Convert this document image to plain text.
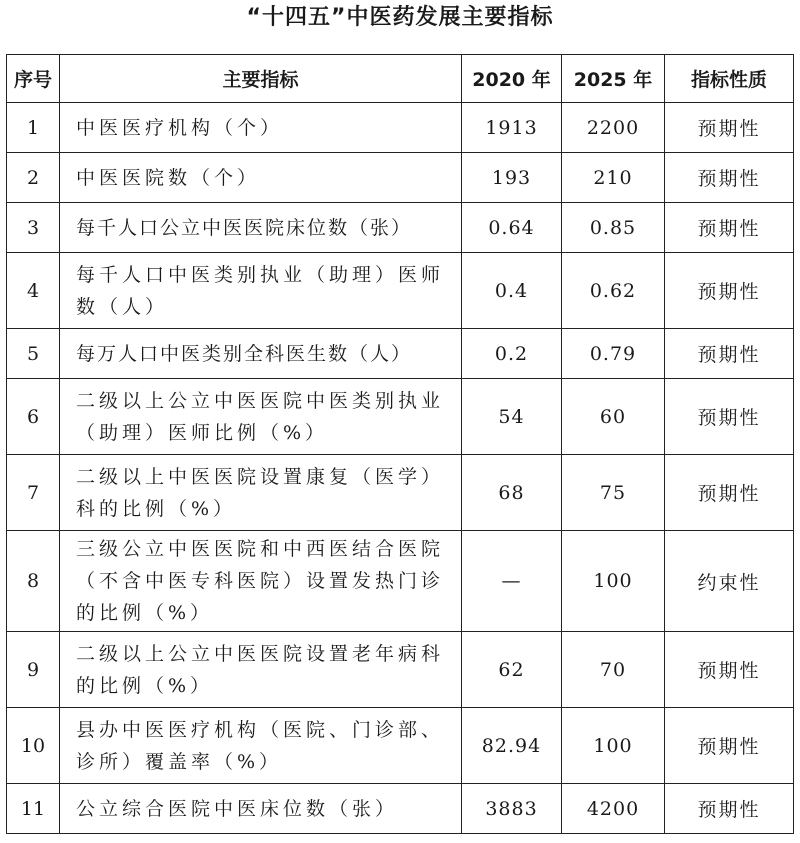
“十四五”中医药发展主要指标
序号	主要指标	2020 年	2025 年	指标性质
1	中医医疗机构（个）	1913	2200	预期性
2	中医医院数（个）	193	210	预期性
3	每千人口公立中医医院床位数（张）	0.64	0.85	预期性
4	每千人口中医类别执业（助理）医师数（人）	0.4	0.62	预期性
5	每万人口中医类别全科医生数（人）	0.2	0.79	预期性
6	二级以上公立中医医院中医类别执业（助理）医师比例（%）	54	60	预期性
7	二级以上中医医院设置康复（医学）科的比例（%）	68	75	预期性
8	三级公立中医医院和中西医结合医院（不含中医专科医院）设置发热门诊的比例（%）	—	100	约束性
9	二级以上公立中医医院设置老年病科的比例（%）	62	70	预期性
10	县办中医医疗机构（医院、门诊部、诊所）覆盖率（%）	82.94	100	预期性
11	公立综合医院中医床位数（张）	3883	4200	预期性
